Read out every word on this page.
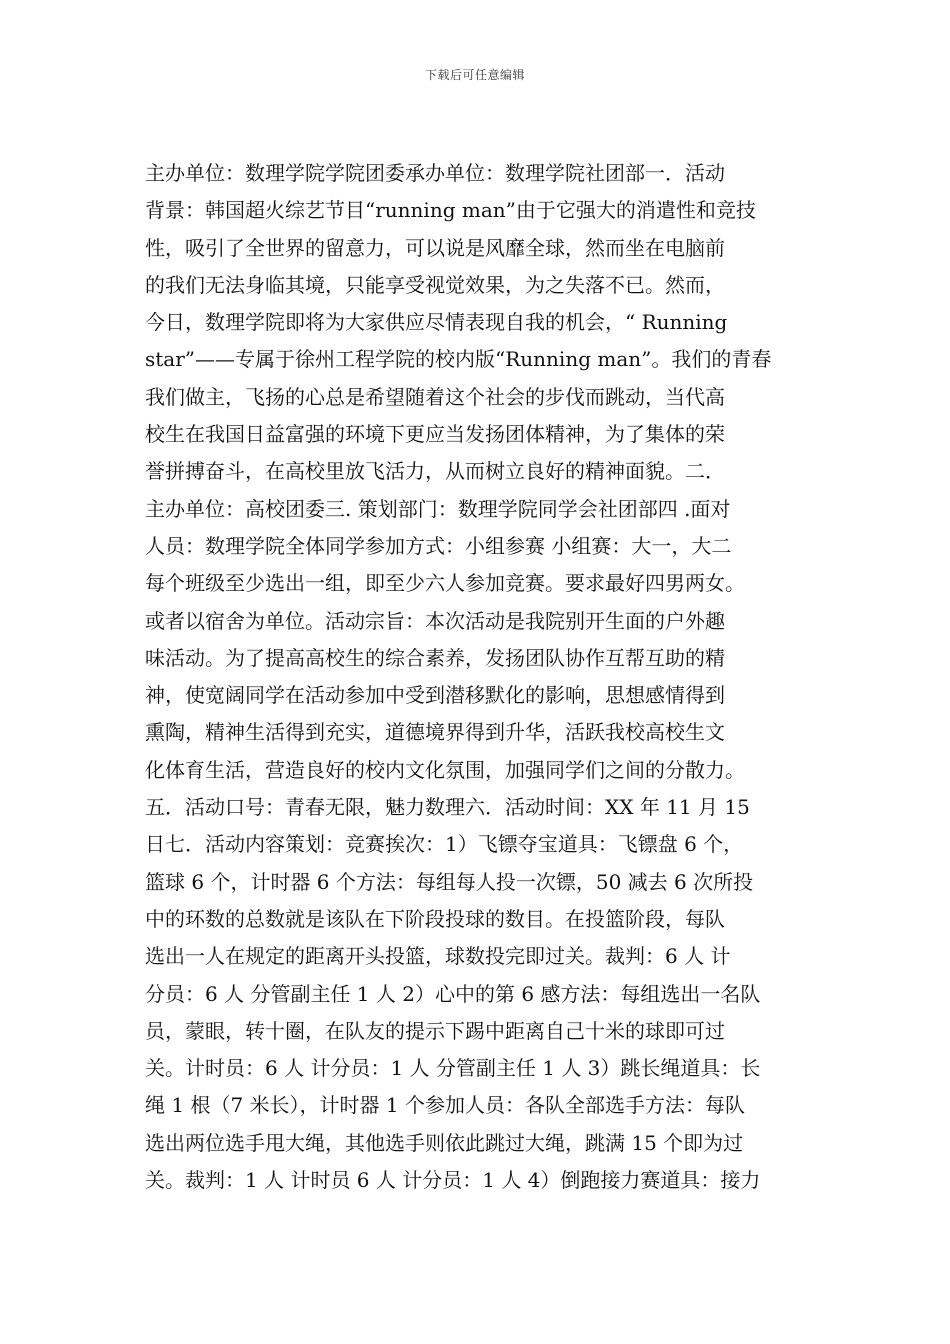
下载后可任意编辑
主办单位：数理学院学院团委承办单位：数理学院社团部一．活动
背景：韩国超火综艺节目“running man”由于它强大的消遣性和竞技
性，吸引了全世界的留意力，可以说是风靡全球，然而坐在电脑前
的我们无法身临其境，只能享受视觉效果，为之失落不已。然而，
今日，数理学院即将为大家供应尽情表现自我的机会，“ Running
star”——专属于徐州工程学院的校内版“Running man”。我们的青春
我们做主，飞扬的心总是希望随着这个社会的步伐而跳动，当代高
校生在我国日益富强的环境下更应当发扬团体精神，为了集体的荣
誉拼搏奋斗，在高校里放飞活力，从而树立良好的精神面貌。二．
主办单位：高校团委三. 策划部门：数理学院同学会社团部四 .面对
人员：数理学院全体同学参加方式：小组参赛 小组赛：大一，大二
每个班级至少选出一组，即至少六人参加竞赛。要求最好四男两女。
或者以宿舍为单位。活动宗旨：本次活动是我院别开生面的户外趣
味活动。为了提高高校生的综合素养，发扬团队协作互帮互助的精
神，使宽阔同学在活动参加中受到潜移默化的影响，思想感情得到
熏陶，精神生活得到充实，道德境界得到升华，活跃我校高校生文
化体育生活，营造良好的校内文化氛围，加强同学们之间的分散力。
五．活动口号：青春无限，魅力数理六．活动时间：XX 年 11 月 15
日七．活动内容策划：竞赛挨次：1）飞镖夺宝道具：飞镖盘 6 个，
篮球 6 个，计时器 6 个方法：每组每人投一次镖，50 减去 6 次所投
中的环数的总数就是该队在下阶段投球的数目。在投篮阶段，每队
选出一人在规定的距离开头投篮，球数投完即过关。裁判：6 人 计
分员：6 人 分管副主任 1 人 2）心中的第 6 感方法：每组选出一名队
员，蒙眼，转十圈，在队友的提示下踢中距离自己十米的球即可过
关。计时员：6 人 计分员：1 人 分管副主任 1 人 3）跳长绳道具：长
绳 1 根（7 米长），计时器 1 个参加人员：各队全部选手方法：每队
选出两位选手甩大绳，其他选手则依此跳过大绳，跳满 15 个即为过
关。裁判：1 人 计时员 6 人 计分员：1 人 4）倒跑接力赛道具：接力
